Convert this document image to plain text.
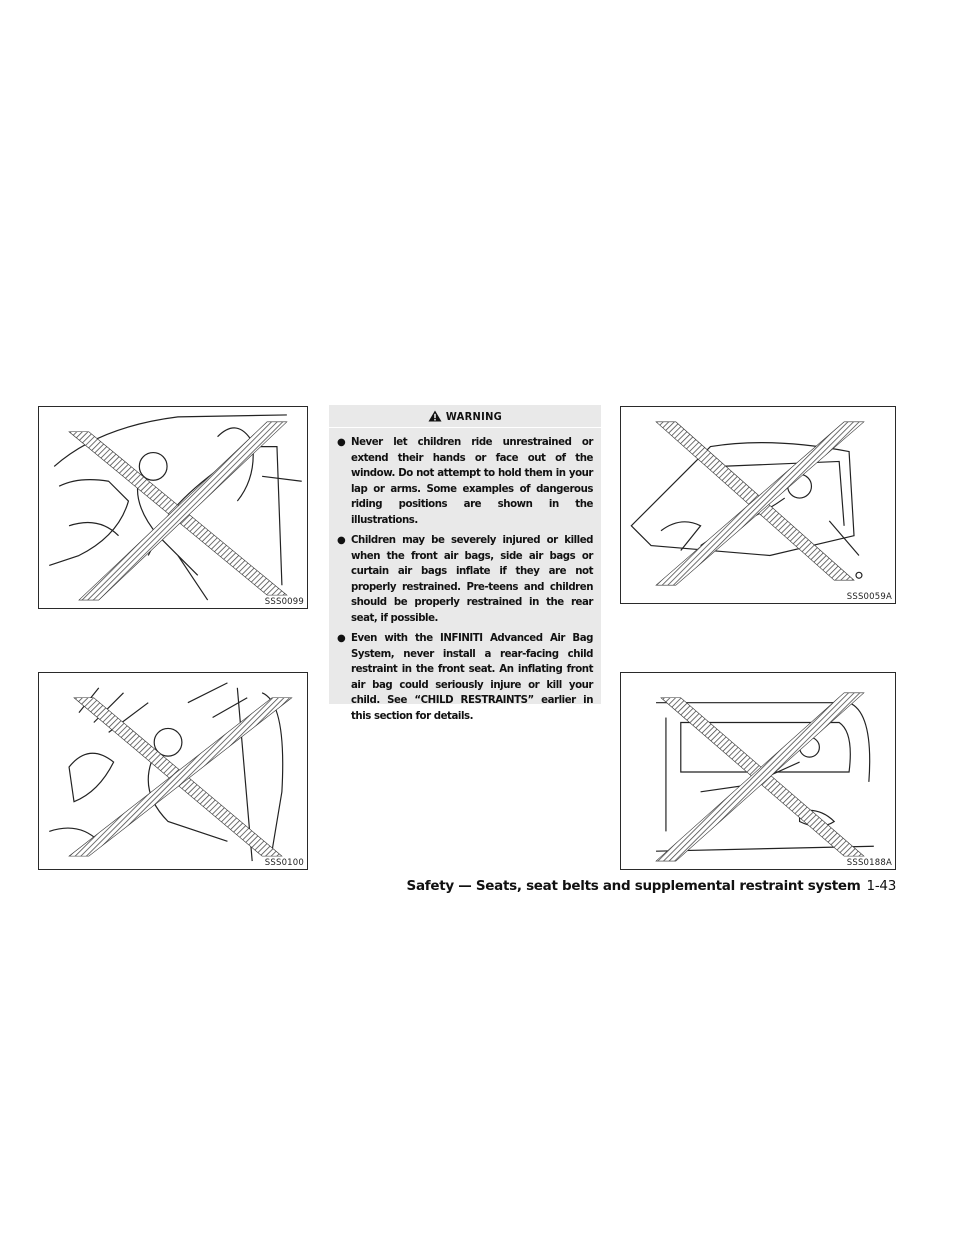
SSS0099
SSS0100
WARNING
● Never let children ride unrestrained or extend their hands or face out of the window. Do not attempt to hold them in your lap or arms. Some examples of dangerous riding positions are shown in the illustrations.
● Children may be severely injured or killed when the front air bags, side air bags or curtain air bags inflate if they are not properly restrained. Pre-teens and children should be properly restrained in the rear seat, if possible.
● Even with the INFINITI Advanced Air Bag System, never install a rear-facing child restraint in the front seat. An inflating front air bag could seriously injure or kill your child. See “CHILD RESTRAINTS” earlier in this section for details.
SSS0059A
SSS0188A
Safety — Seats, seat belts and supplemental restraint system 1-43
